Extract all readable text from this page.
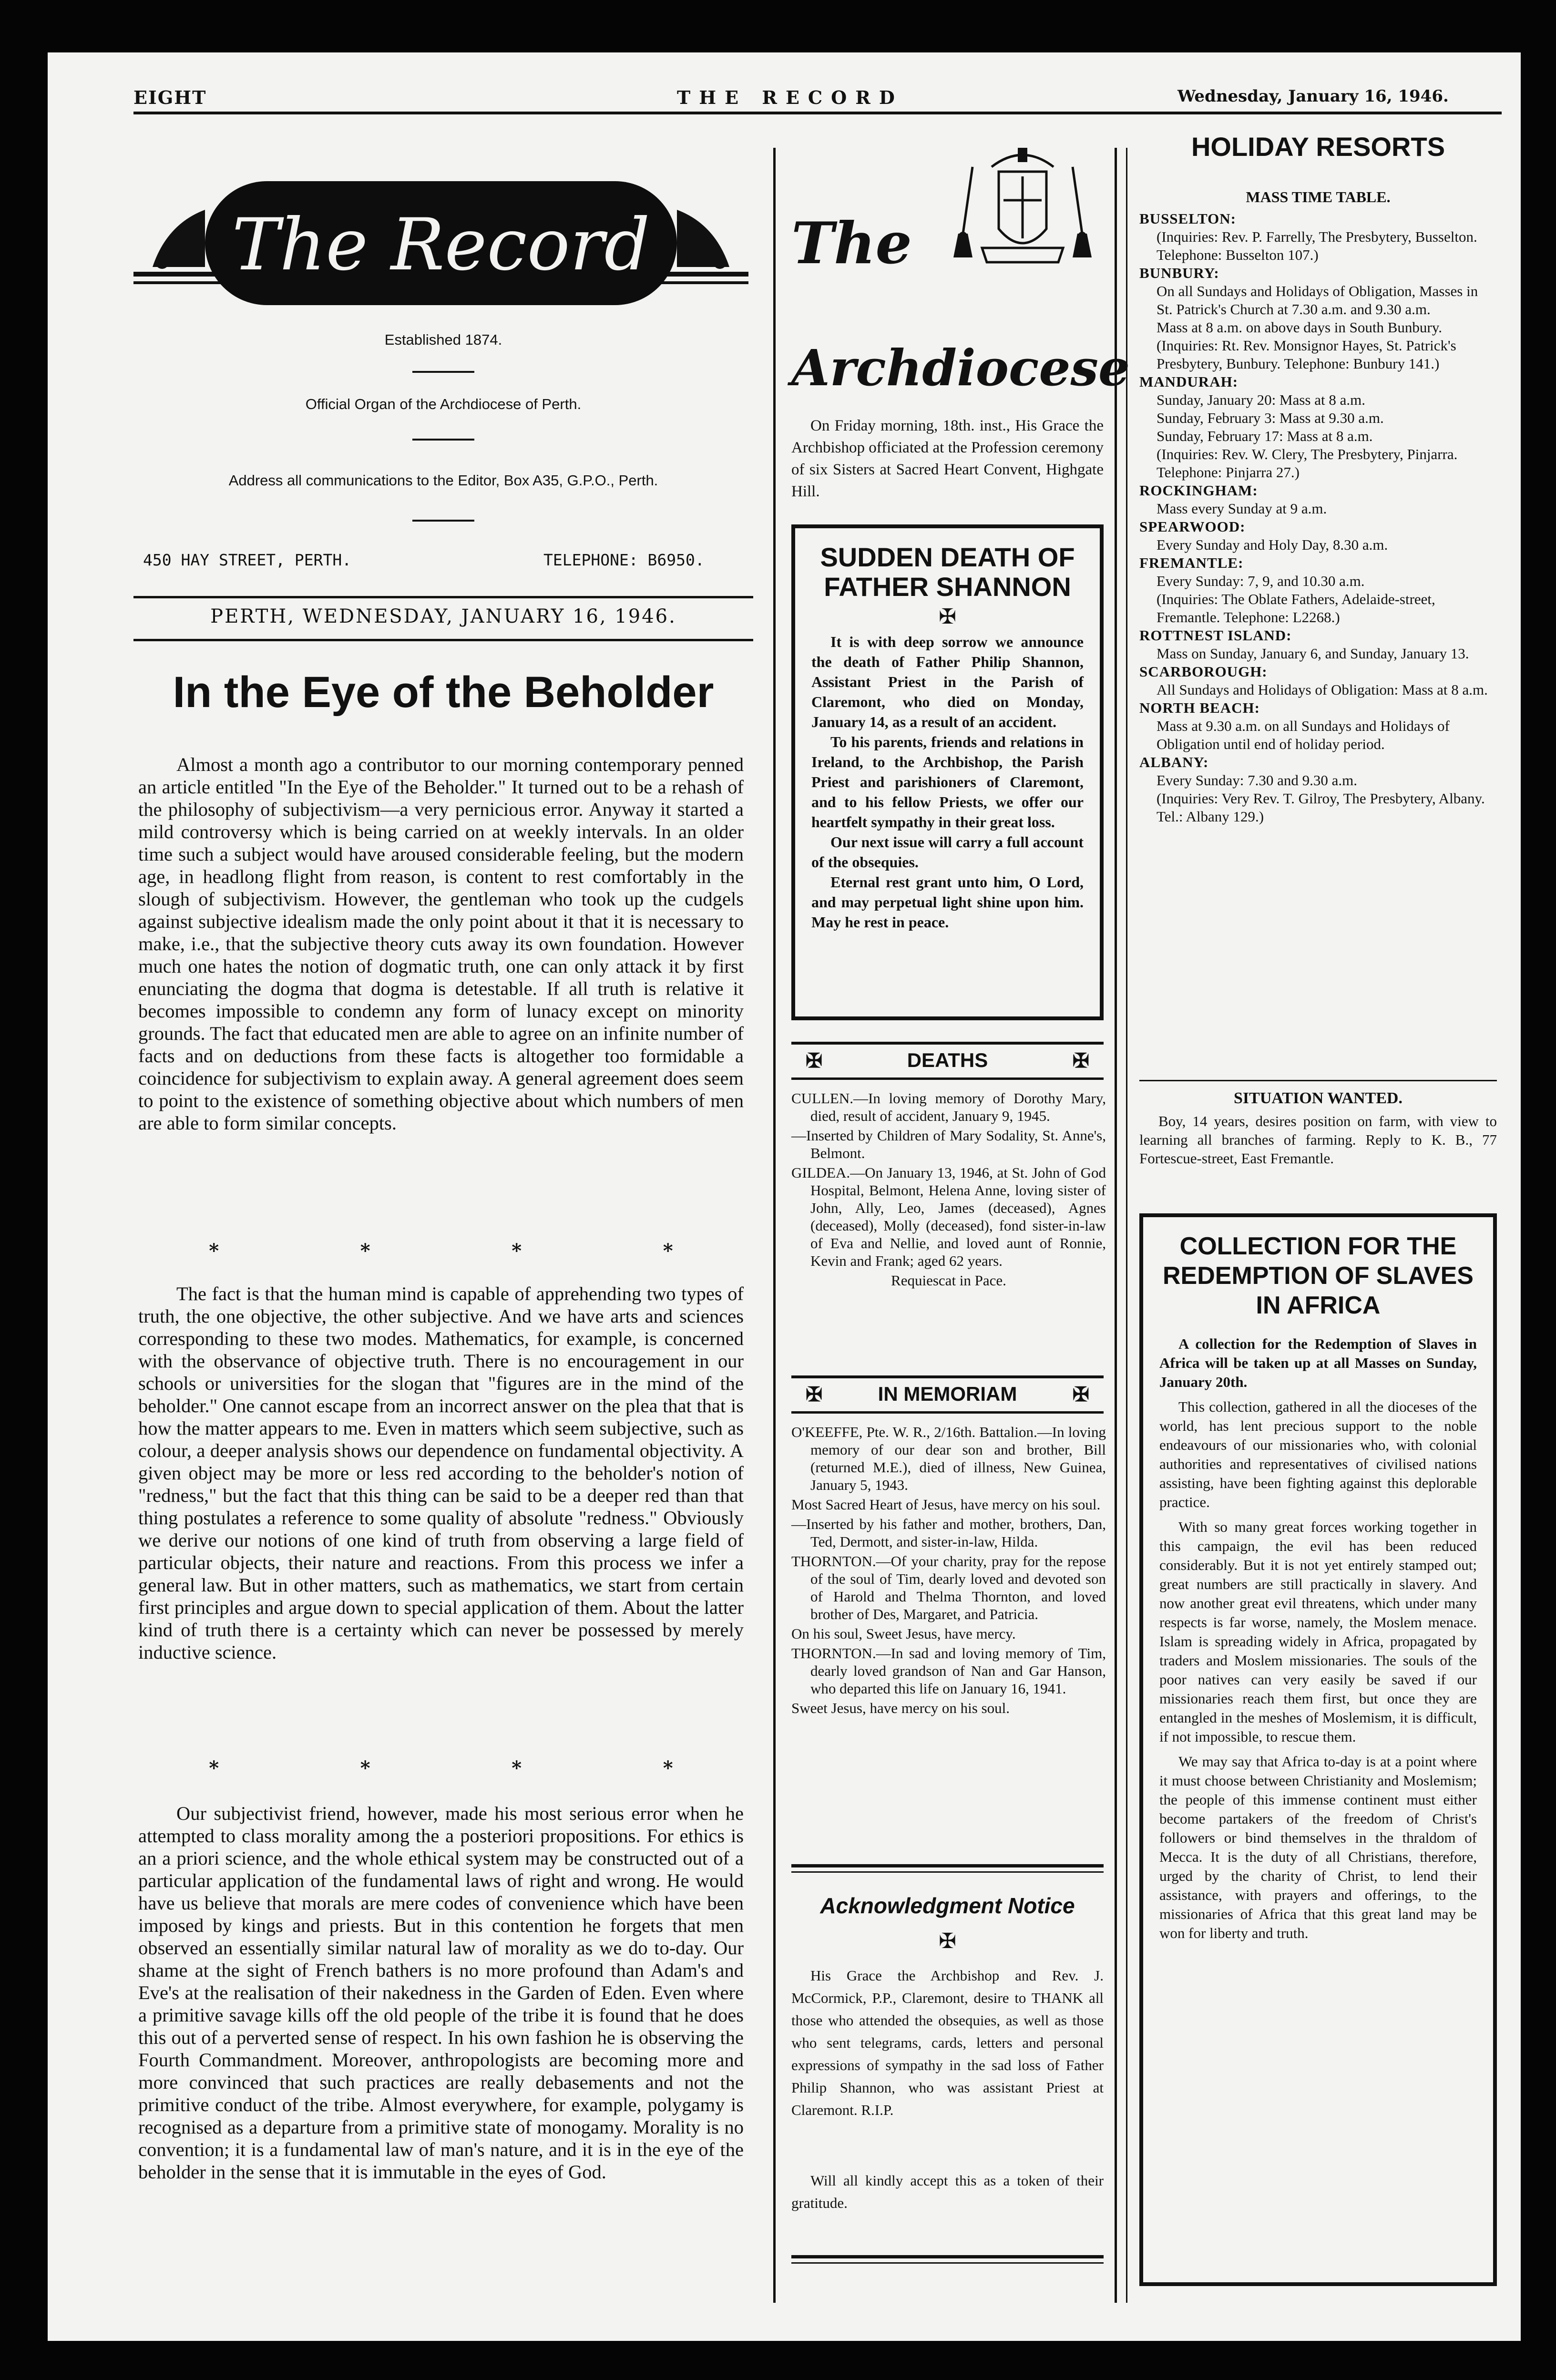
EIGHT	THE RECORD	Wednesday, January 16, 1946.
The Record
Established 1874.
Official Organ of the Archdiocese of Perth.
Address all communications to the Editor, Box A35, G.P.O., Perth.
450 HAY STREET, PERTH.	TELEPHONE: B6950.
PERTH, WEDNESDAY, JANUARY 16, 1946.
In the Eye of the Beholder

Almost a month ago a contributor to our morning contemporary penned an article entitled "In the Eye of the Beholder." It turned out to be a rehash of the philosophy of subjectivism—a very pernicious error. Anyway it started a mild controversy which is being carried on at weekly intervals. In an older time such a subject would have aroused considerable feeling, but the modern age, in headlong flight from reason, is content to rest comfortably in the slough of subjectivism. However, the gentleman who took up the cudgels against subjective idealism made the only point about it that it is necessary to make, i.e., that the subjective theory cuts away its own foundation. However much one hates the notion of dogmatic truth, one can only attack it by first enunciating the dogma that dogma is detestable. If all truth is relative it becomes impossible to condemn any form of lunacy except on minority grounds. The fact that educated men are able to agree on an infinite number of facts and on deductions from these facts is altogether too formidable a coincidence for subjectivism to explain away. A general agreement does seem to point to the existence of something objective about which numbers of men are able to form similar concepts.

*	*	*	*

The fact is that the human mind is capable of apprehending two types of truth, the one objective, the other subjective. And we have arts and sciences corresponding to these two modes. Mathematics, for example, is concerned with the observance of objective truth. There is no encouragement in our schools or universities for the slogan that "figures are in the mind of the beholder." One cannot escape from an incorrect answer on the plea that that is how the matter appears to me. Even in matters which seem subjective, such as colour, a deeper analysis shows our dependence on fundamental objectivity. A given object may be more or less red according to the beholder's notion of "redness," but the fact that this thing can be said to be a deeper red than that thing postulates a reference to some quality of absolute "redness." Obviously we derive our notions of one kind of truth from observing a large field of particular objects, their nature and reactions. From this process we infer a general law. But in other matters, such as mathematics, we start from certain first principles and argue down to special application of them. About the latter kind of truth there is a certainty which can never be possessed by merely inductive science.

*	*	*	*

Our subjectivist friend, however, made his most serious error when he attempted to class morality among the a posteriori propositions. For ethics is an a priori science, and the whole ethical system may be constructed out of a particular application of the fundamental laws of right and wrong. He would have us believe that morals are mere codes of convenience which have been imposed by kings and priests. But in this contention he forgets that men observed an essentially similar natural law of morality as we do to-day. Our shame at the sight of French bathers is no more profound than Adam's and Eve's at the realisation of their nakedness in the Garden of Eden. Even where a primitive savage kills off the old people of the tribe it is found that he does this out of a perverted sense of respect. In his own fashion he is observing the Fourth Commandment. Moreover, anthropologists are becoming more and more convinced that such practices are really debasements and not the primitive conduct of the tribe. Almost everywhere, for example, polygamy is recognised as a departure from a primitive state of monogamy. Morality is no convention; it is a fundamental law of man's nature, and it is in the eye of the beholder in the sense that it is immutable in the eyes of God.

The
Archdiocese

On Friday morning, 18th. inst., His Grace the Archbishop officiated at the Profession ceremony of six Sisters at Sacred Heart Convent, Highgate Hill.

SUDDEN DEATH OF FATHER SHANNON

✠

It is with deep sorrow we announce the death of Father Philip Shannon, Assistant Priest in the Parish of Claremont, who died on Monday, January 14, as a result of an accident.

To his parents, friends and relations in Ireland, to the Archbishop, the Parish Priest and parishioners of Claremont, and to his fellow Priests, we offer our heartfelt sympathy in their great loss.

Our next issue will carry a full account of the obsequies.

Eternal rest grant unto him, O Lord, and may perpetual light shine upon him. May he rest in peace.

✠	DEATHS	✠

CULLEN.—In loving memory of Dorothy Mary, died, result of accident, January 9, 1945.

—Inserted by Children of Mary Sodality, St. Anne's, Belmont.

GILDEA.—On January 13, 1946, at St. John of God Hospital, Belmont, Helena Anne, loving sister of John, Ally, Leo, James (deceased), Agnes (deceased), Molly (deceased), fond sister-in-law of Eva and Nellie, and loved aunt of Ronnie, Kevin and Frank; aged 62 years.

Requiescat in Pace.

✠	IN MEMORIAM	✠

O'KEEFFE, Pte. W. R., 2/16th. Battalion.—In loving memory of our dear son and brother, Bill (returned M.E.), died of illness, New Guinea, January 5, 1943.

Most Sacred Heart of Jesus, have mercy on his soul.

—Inserted by his father and mother, brothers, Dan, Ted, Dermott, and sister-in-law, Hilda.

THORNTON.—Of your charity, pray for the repose of the soul of Tim, dearly loved and devoted son of Harold and Thelma Thornton, and loved brother of Des, Margaret, and Patricia.

On his soul, Sweet Jesus, have mercy.

THORNTON.—In sad and loving memory of Tim, dearly loved grandson of Nan and Gar Hanson, who departed this life on January 16, 1941.

Sweet Jesus, have mercy on his soul.

Acknowledgment Notice
✠

His Grace the Archbishop and Rev. J. McCormick, P.P., Claremont, desire to THANK all those who attended the obsequies, as well as those who sent telegrams, cards, letters and personal expressions of sympathy in the sad loss of Father Philip Shannon, who was assistant Priest at Claremont. R.I.P.

Will all kindly accept this as a token of their gratitude.

HOLIDAY RESORTS
MASS TIME TABLE.

BUSSELTON:

(Inquiries: Rev. P. Farrelly, The Presbytery, Busselton. Telephone: Busselton 107.)

BUNBURY:

On all Sundays and Holidays of Obligation, Masses in St. Patrick's Church at 7.30 a.m. and 9.30 a.m.

Mass at 8 a.m. on above days in South Bunbury.

(Inquiries: Rt. Rev. Monsignor Hayes, St. Patrick's Presbytery, Bunbury. Telephone: Bunbury 141.)

MANDURAH:

Sunday, January 20: Mass at 8 a.m.

Sunday, February 3: Mass at 9.30 a.m.

Sunday, February 17: Mass at 8 a.m.

(Inquiries: Rev. W. Clery, The Presbytery, Pinjarra. Telephone: Pinjarra 27.)

ROCKINGHAM:

Mass every Sunday at 9 a.m.

SPEARWOOD:

Every Sunday and Holy Day, 8.30 a.m.

FREMANTLE:

Every Sunday: 7, 9, and 10.30 a.m.

(Inquiries: The Oblate Fathers, Adelaide-street, Fremantle. Telephone: L2268.)

ROTTNEST ISLAND:

Mass on Sunday, January 6, and Sunday, January 13.

SCARBOROUGH:

All Sundays and Holidays of Obligation: Mass at 8 a.m.

NORTH BEACH:

Mass at 9.30 a.m. on all Sundays and Holidays of Obligation until end of holiday period.

ALBANY:

Every Sunday: 7.30 and 9.30 a.m.

(Inquiries: Very Rev. T. Gilroy, The Presbytery, Albany. Tel.: Albany 129.)

SITUATION WANTED.

Boy, 14 years, desires position on farm, with view to learning all branches of farming. Reply to K. B., 77 Fortescue-street, East Fremantle.

COLLECTION FOR THE REDEMPTION OF SLAVES IN AFRICA

A collection for the Redemption of Slaves in Africa will be taken up at all Masses on Sunday, January 20th.

This collection, gathered in all the dioceses of the world, has lent precious support to the noble endeavours of our missionaries who, with colonial authorities and representatives of civilised nations assisting, have been fighting against this deplorable practice.

With so many great forces working together in this campaign, the evil has been reduced considerably. But it is not yet entirely stamped out; great numbers are still practically in slavery. And now another great evil threatens, which under many respects is far worse, namely, the Moslem menace. Islam is spreading widely in Africa, propagated by traders and Moslem missionaries. The souls of the poor natives can very easily be saved if our missionaries reach them first, but once they are entangled in the meshes of Moslemism, it is difficult, if not impossible, to rescue them.

We may say that Africa to-day is at a point where it must choose between Christianity and Moslemism; the people of this immense continent must either become partakers of the freedom of Christ's followers or bind themselves in the thraldom of Mecca. It is the duty of all Christians, therefore, urged by the charity of Christ, to lend their assistance, with prayers and offerings, to the missionaries of Africa that this great land may be won for liberty and truth.
